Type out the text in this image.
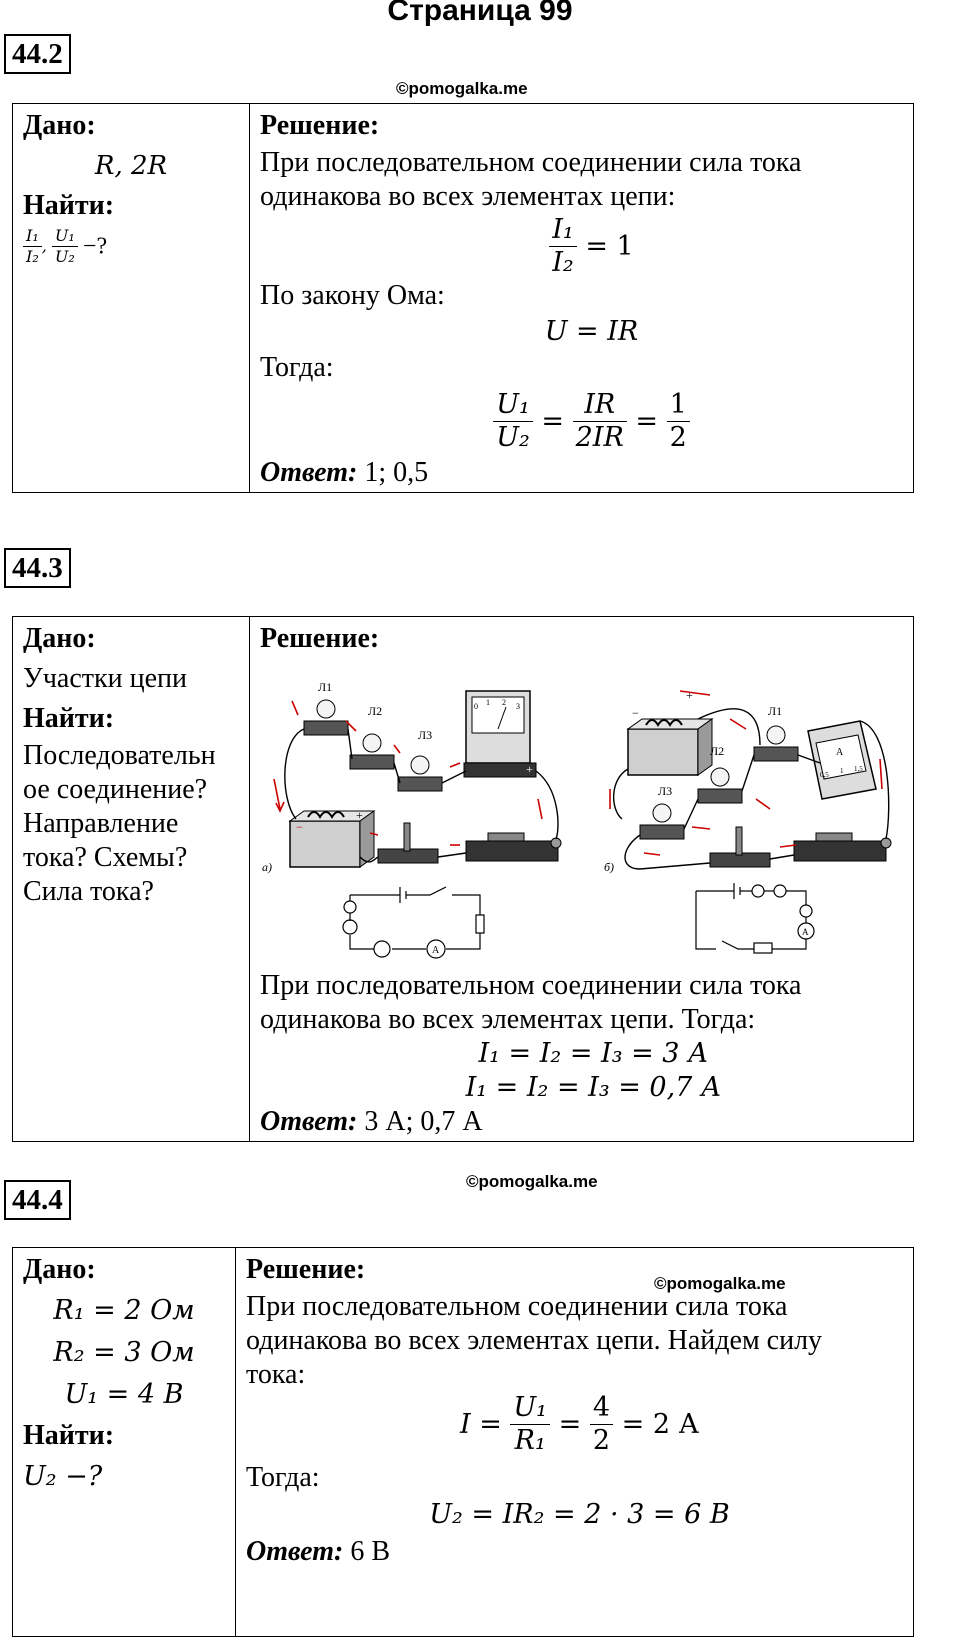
Страница 99
44.2
©pomogalka.me
Дано:
R, 2R
Найти:
$\frac{\text{I₁}}{\text{I₂}}$ , $\frac{\text{U₁}}{\text{U₂}}$ −?

Решение:
При последовательном соединении сила тока
одинакова во всех элементах цепи:
$\frac{\text{I₁}}{\text{I₂}} = 1$
По закону Ома:
U = IR
Тогда:
$\frac{\text{U₁}}{\text{U₂}} = \frac{IR}{2IR} = \frac{1}{2}$
Ответ: 1; 0,5
44.3
Дано:
Участки цепи
Найти:
Последовательн
ое соединение?
Направление
тока? Схемы?
Сила тока?

Решение:
−
+
Л1
Л2
Л3
0 1 2 3
+
а)
A
−
+
Л1
Л2
Л3
A
0,5 1 1,5
б)
A
При последовательном соединении сила тока
одинакова во всех элементах цепи. Тогда:
I₁ = I₂ = I₃ = 3 А
I₁ = I₂ = I₃ = 0,7 А
Ответ: 3 А; 0,7 А
44.4
©pomogalka.me
Дано:
R₁ = 2 Ом
R₂ = 3 Ом
U₁ = 4 В
Найти:
U₂ −?

Решение:	©pomogalka.me
При последовательном соединении сила тока
одинакова во всех элементах цепи. Найдем силу
тока:
$I = \frac{\text{U₁}}{\text{R₁}} = \frac{4}{2} = 2$ А
Тогда:
U₂ = IR₂ = 2 · 3 = 6 В
Ответ: 6 В
